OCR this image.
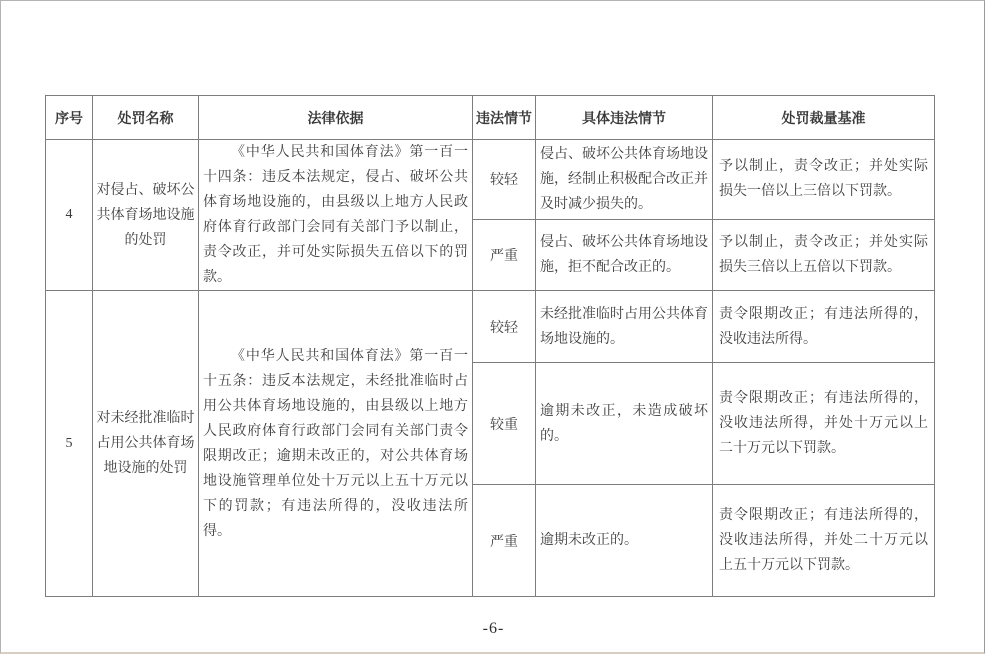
序号	处罚名称	法律依据	违法情节	具体违法情节	处罚裁量基准
4	对侵占、破坏公共体育场地设施的处罚	《中华人民共和国体育法》第一百一十四条：违反本法规定，侵占、破坏公共体育场地设施的，由县级以上地方人民政府体育行政部门会同有关部门予以制止，责令改正，并可处实际损失五倍以下的罚款。	较轻	侵占、破坏公共体育场地设施，经制止积极配合改正并及时减少损失的。	予以制止，责令改正；并处实际损失一倍以上三倍以下罚款。
			严重	侵占、破坏公共体育场地设施，拒不配合改正的。	予以制止，责令改正；并处实际损失三倍以上五倍以下罚款。
5	对未经批准临时占用公共体育场地设施的处罚	《中华人民共和国体育法》第一百一十五条：违反本法规定，未经批准临时占用公共体育场地设施的，由县级以上地方人民政府体育行政部门会同有关部门责令限期改正；逾期未改正的，对公共体育场地设施管理单位处十万元以上五十万元以下的罚款；有违法所得的，没收违法所得。	较轻	未经批准临时占用公共体育场地设施的。	责令限期改正；有违法所得的，没收违法所得。
			较重	逾期未改正，未造成破坏的。	责令限期改正；有违法所得的，没收违法所得，并处十万元以上二十万元以下罚款。
			严重	逾期未改正的。	责令限期改正；有违法所得的，没收违法所得，并处二十万元以上五十万元以下罚款。
-6-
